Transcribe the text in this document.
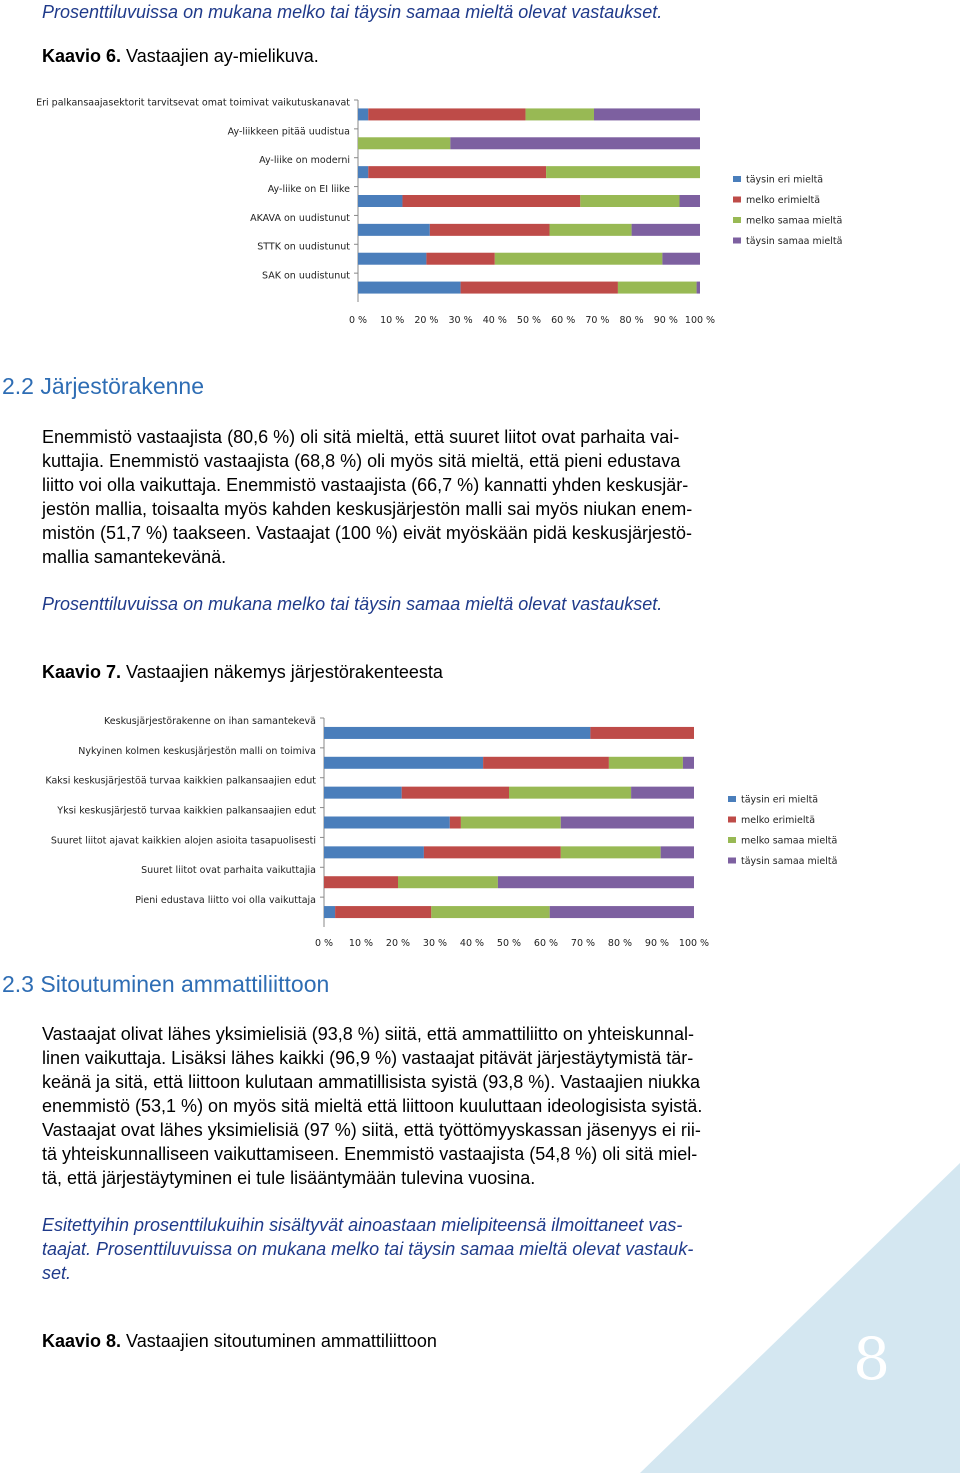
Prosenttiluvuissa on mukana melko tai täysin samaa mieltä olevat vastaukset.
Kaavio 6. Vastaajien ay-mielikuva.
Eri palkansaajasektorit tarvitsevat omat toimivat vaikutuskanavat
Ay-liikkeen pitää uudistua
Ay-liike on moderni
Ay-liike on EI liike
AKAVA on uudistunut
STTK on uudistunut
SAK on uudistunut
0 % 10 % 20 % 30 % 40 % 50 % 60 % 70 % 80 % 90 % 100 %
täysin eri mieltä
melko erimieltä
melko samaa mieltä
täysin samaa mieltä
2.2 Järjestörakenne
Enemmistö vastaajista (80,6 %) oli sitä mieltä, että suuret liitot ovat parhaita vai-
kuttajia. Enemmistö vastaajista (68,8 %) oli myös sitä mieltä, että pieni edustava
liitto voi olla vaikuttaja. Enemmistö vastaajista (66,7 %) kannatti yhden keskusjär-
jestön mallia, toisaalta myös kahden keskusjärjestön malli sai myös niukan enem-
mistön (51,7 %) taakseen. Vastaajat (100 %) eivät myöskään pidä keskusjärjestö-
mallia samantekevänä.
Prosenttiluvuissa on mukana melko tai täysin samaa mieltä olevat vastaukset.
Kaavio 7. Vastaajien näkemys järjestörakenteesta
Keskusjärjestörakenne on ihan samantekevä
Nykyinen kolmen keskusjärjestön malli on toimiva
Kaksi keskusjärjestöä turvaa kaikkien palkansaajien edut
Yksi keskusjärjestö turvaa kaikkien palkansaajien edut
Suuret liitot ajavat kaikkien alojen asioita tasapuolisesti
Suuret liitot ovat parhaita vaikuttajia
Pieni edustava liitto voi olla vaikuttaja
0 % 10 % 20 % 30 % 40 % 50 % 60 % 70 % 80 % 90 % 100 %
täysin eri mieltä
melko erimieltä
melko samaa mieltä
täysin samaa mieltä
2.3 Sitoutuminen ammattiliittoon
Vastaajat olivat lähes yksimielisiä (93,8 %) siitä, että ammattiliitto on yhteiskunnal-
linen vaikuttaja. Lisäksi lähes kaikki (96,9 %) vastaajat pitävät järjestäytymistä tär-
keänä ja sitä, että liittoon kulutaan ammatillisista syistä (93,8 %). Vastaajien niukka
enemmistö (53,1 %) on myös sitä mieltä että liittoon kuuluttaan ideologisista syistä.
Vastaajat ovat lähes yksimielisiä (97 %) siitä, että työttömyyskassan jäsenyys ei rii-
tä yhteiskunnalliseen vaikuttamiseen. Enemmistö vastaajista (54,8 %) oli sitä miel-
tä, että järjestäytyminen ei tule lisääntymään tulevina vuosina.
Esitettyihin prosenttilukuihin sisältyvät ainoastaan mielipiteensä ilmoittaneet vas-
taajat. Prosenttiluvuissa on mukana melko tai täysin samaa mieltä olevat vastauk-
set.
8
Kaavio 8. Vastaajien sitoutuminen ammattiliittoon
